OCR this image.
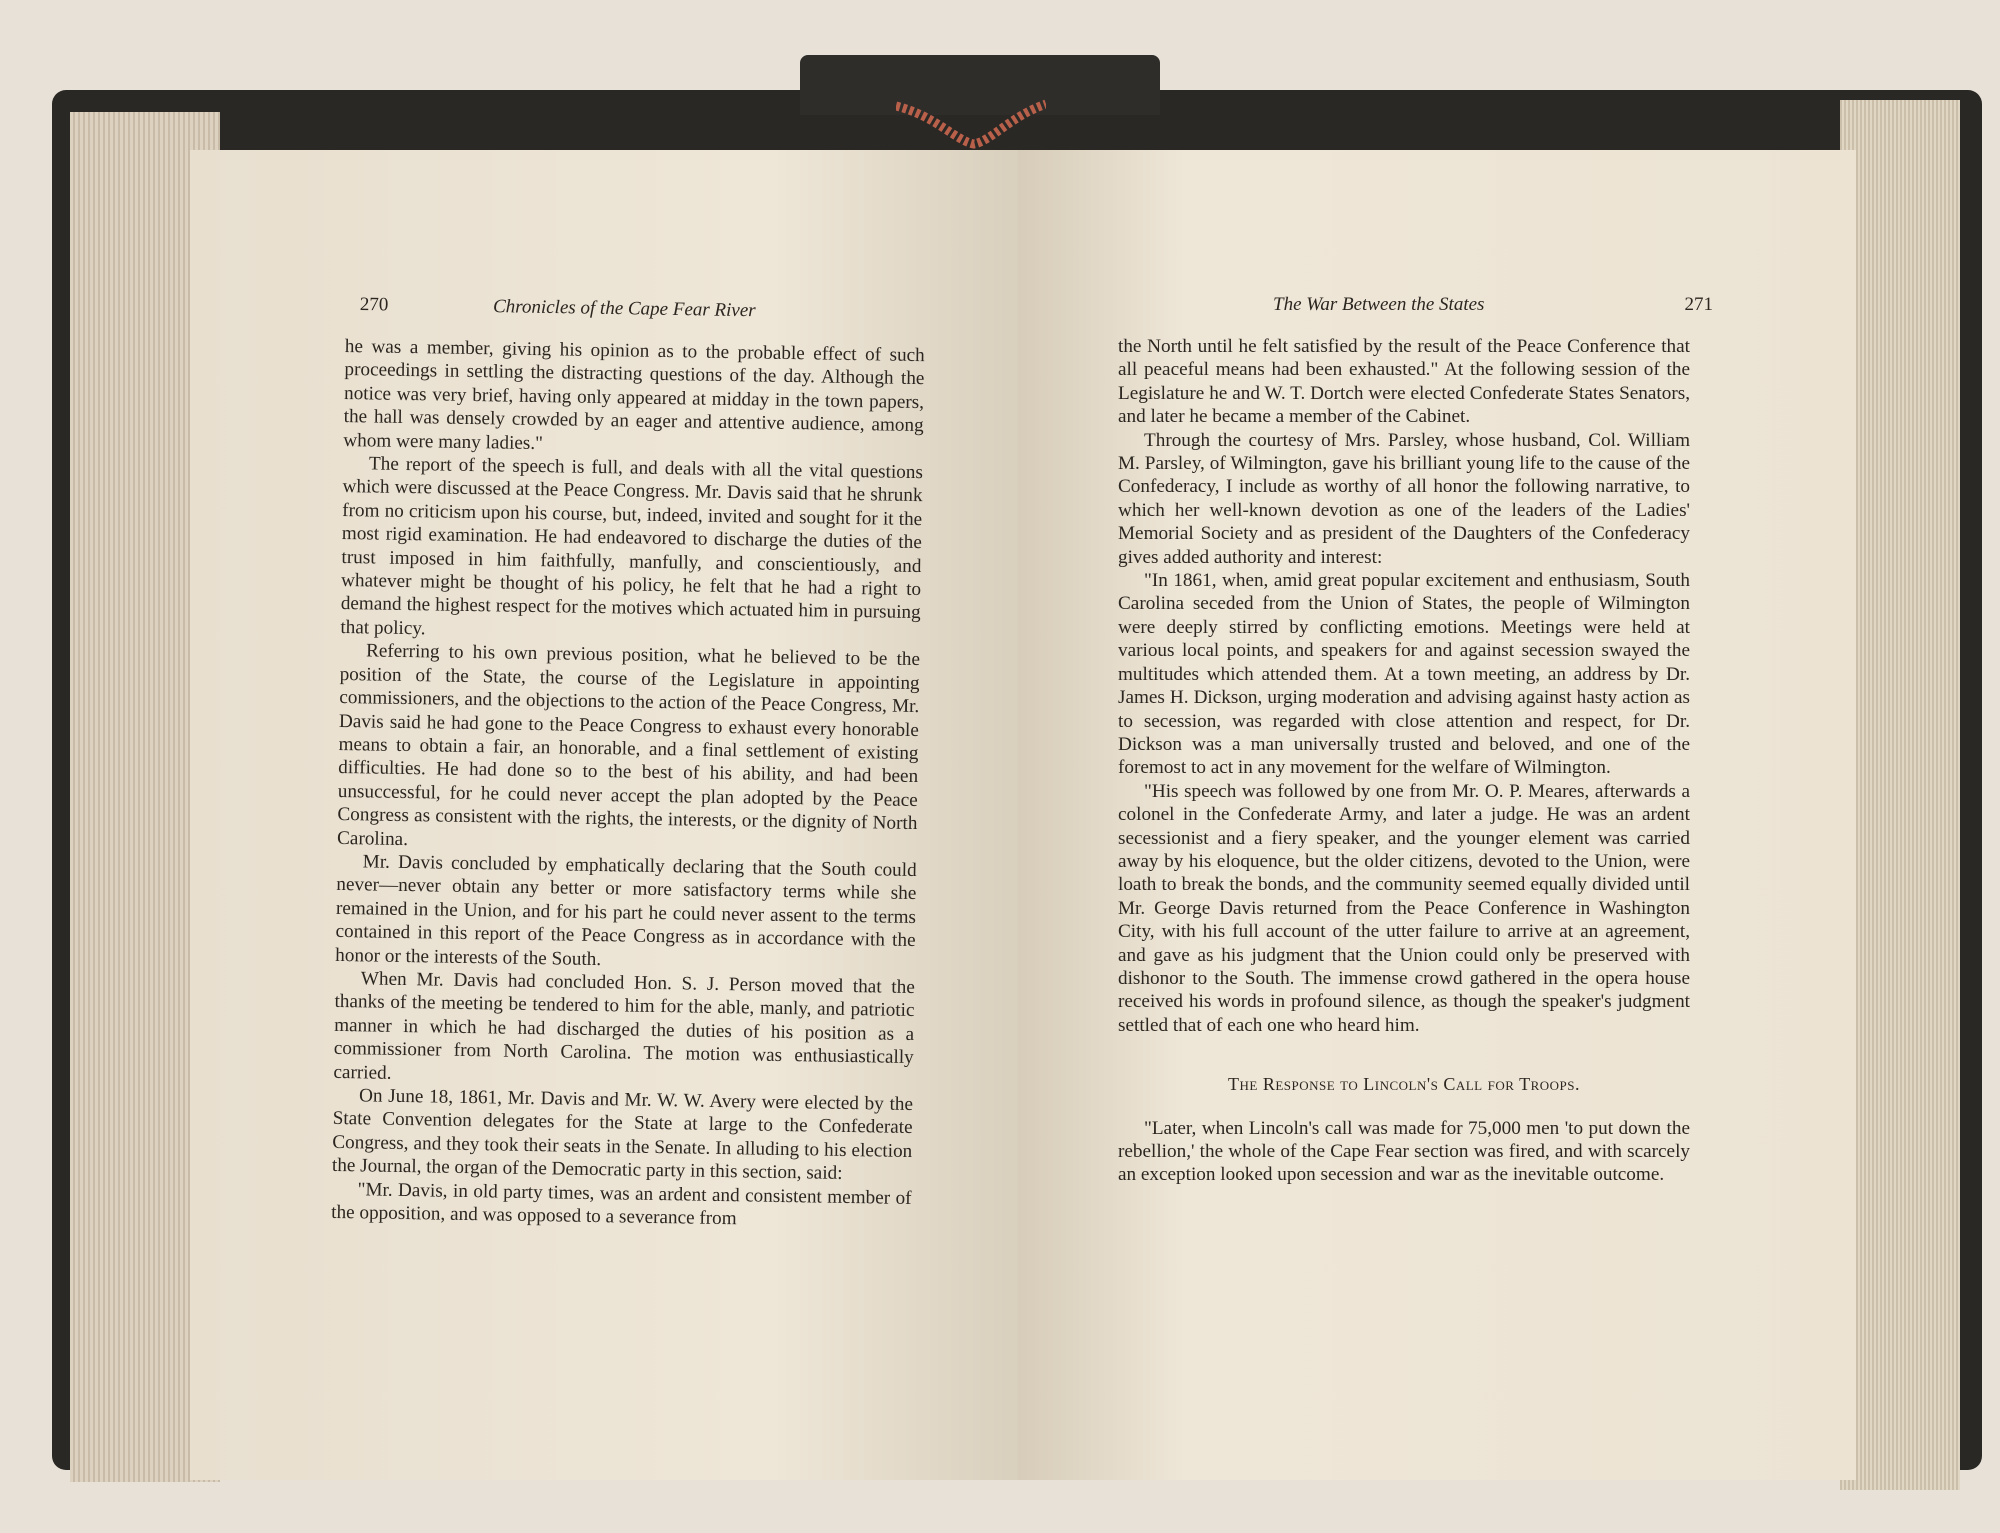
270	Chronicles of the Cape Fear River

he was a member, giving his opinion as to the probable effect of such proceedings in settling the distracting questions of the day. Although the notice was very brief, having only appeared at midday in the town papers, the hall was densely crowded by an eager and attentive audience, among whom were many ladies."

The report of the speech is full, and deals with all the vital questions which were discussed at the Peace Congress. Mr. Davis said that he shrunk from no criticism upon his course, but, indeed, invited and sought for it the most rigid examination. He had endeavored to discharge the duties of the trust imposed in him faithfully, manfully, and conscientiously, and whatever might be thought of his policy, he felt that he had a right to demand the highest respect for the motives which actuated him in pursuing that policy.

Referring to his own previous position, what he believed to be the position of the State, the course of the Legislature in appointing commissioners, and the objections to the action of the Peace Congress, Mr. Davis said he had gone to the Peace Congress to exhaust every honorable means to obtain a fair, an honorable, and a final settlement of existing difficulties. He had done so to the best of his ability, and had been unsuccessful, for he could never accept the plan adopted by the Peace Congress as consistent with the rights, the interests, or the dignity of North Carolina.

Mr. Davis concluded by emphatically declaring that the South could never—never obtain any better or more satisfactory terms while she remained in the Union, and for his part he could never assent to the terms contained in this report of the Peace Congress as in accordance with the honor or the interests of the South.

When Mr. Davis had concluded Hon. S. J. Person moved that the thanks of the meeting be tendered to him for the able, manly, and patriotic manner in which he had discharged the duties of his position as a commissioner from North Carolina. The motion was enthusiastically carried.

On June 18, 1861, Mr. Davis and Mr. W. W. Avery were elected by the State Convention delegates for the State at large to the Confederate Congress, and they took their seats in the Senate. In alluding to his election the Journal, the organ of the Democratic party in this section, said:

"Mr. Davis, in old party times, was an ardent and consistent member of the opposition, and was opposed to a severance from

The War Between the States	271

the North until he felt satisfied by the result of the Peace Conference that all peaceful means had been exhausted." At the following session of the Legislature he and W. T. Dortch were elected Confederate States Senators, and later he became a member of the Cabinet.

Through the courtesy of Mrs. Parsley, whose husband, Col. William M. Parsley, of Wilmington, gave his brilliant young life to the cause of the Confederacy, I include as worthy of all honor the following narrative, to which her well-known devotion as one of the leaders of the Ladies' Memorial Society and as president of the Daughters of the Confederacy gives added authority and interest:

"In 1861, when, amid great popular excitement and enthusiasm, South Carolina seceded from the Union of States, the people of Wilmington were deeply stirred by conflicting emotions. Meetings were held at various local points, and speakers for and against secession swayed the multitudes which attended them. At a town meeting, an address by Dr. James H. Dickson, urging moderation and advising against hasty action as to secession, was regarded with close attention and respect, for Dr. Dickson was a man universally trusted and beloved, and one of the foremost to act in any movement for the welfare of Wilmington.

"His speech was followed by one from Mr. O. P. Meares, afterwards a colonel in the Confederate Army, and later a judge. He was an ardent secessionist and a fiery speaker, and the younger element was carried away by his eloquence, but the older citizens, devoted to the Union, were loath to break the bonds, and the community seemed equally divided until Mr. George Davis returned from the Peace Conference in Washington City, with his full account of the utter failure to arrive at an agreement, and gave as his judgment that the Union could only be preserved with dishonor to the South. The immense crowd gathered in the opera house received his words in profound silence, as though the speaker's judgment settled that of each one who heard him.

The Response to Lincoln's Call for Troops.

"Later, when Lincoln's call was made for 75,000 men 'to put down the rebellion,' the whole of the Cape Fear section was fired, and with scarcely an exception looked upon secession and war as the inevitable outcome.
